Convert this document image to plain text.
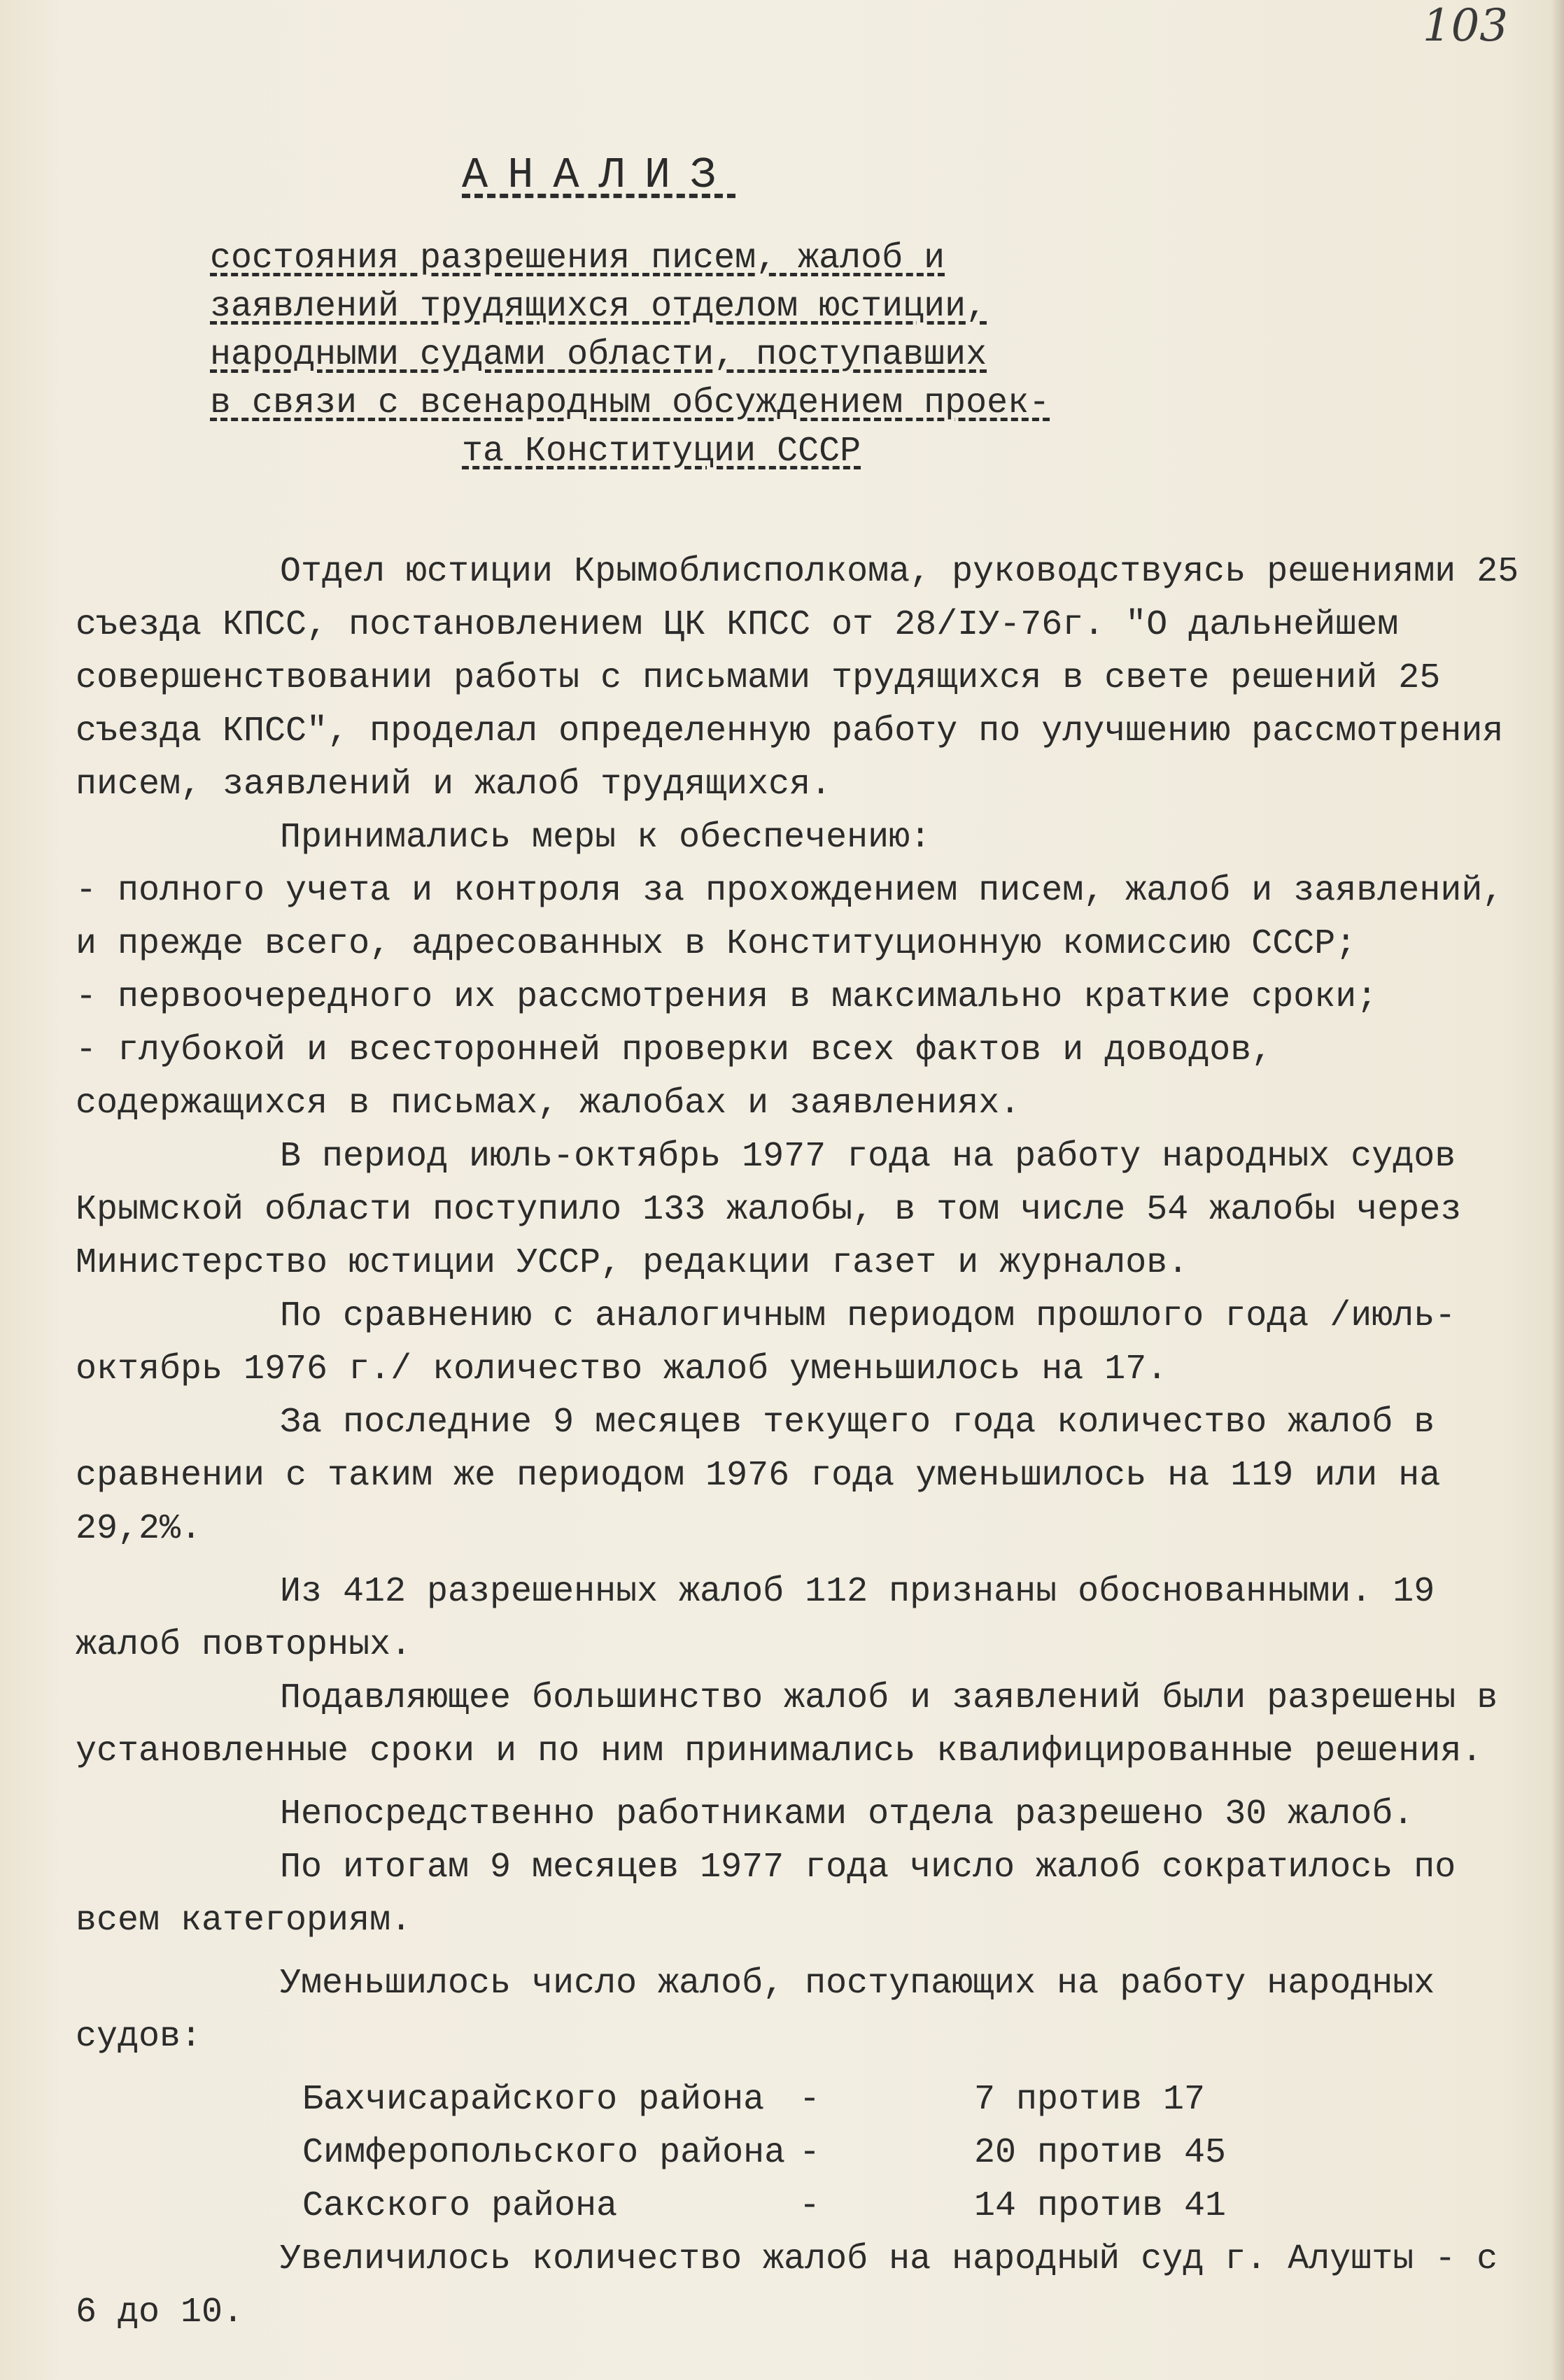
103
АНАЛИЗ
состояния разрешения писем, жалоб и
заявлений трудящихся отделом юстиции,
народными судами области, поступавших
в связи с всенародным обсуждением проек-
та Конституции СССР

Отдел юстиции Крымоблисполкома, руководствуясь решениями 25 съезда КПСС, постановлением ЦК КПСС от 28/IУ-76г. "О дальнейшем совершенствовании работы с письмами трудящихся в свете решений 25 съезда КПСС", проделал определенную работу по улучшению рассмотрения писем, заявлений и жалоб трудящихся.

Принимались меры к обеспечению:

- полного учета и контроля за прохождением писем, жалоб и заявлений, и прежде всего, адресованных в Конституционную комиссию СССР;

- первоочередного их рассмотрения в максимально краткие сроки;

- глубокой и всесторонней проверки всех фактов и доводов, содержащихся в письмах, жалобах и заявлениях.

В период июль-октябрь 1977 года на работу народных судов Крымской области поступило 133 жалобы, в том числе 54 жалобы через Министерство юстиции УССР, редакции газет и журналов.

По сравнению с аналогичным периодом прошлого года /июль-октябрь 1976 г./ количество жалоб уменьшилось на 17.

За последние 9 месяцев текущего года количество жалоб в сравнении с таким же периодом 1976 года уменьшилось на 119 или на 29,2%.

Из 412 разрешенных жалоб 112 признаны обоснованными. 19 жалоб повторных.

Подавляющее большинство жалоб и заявлений были разрешены в установленные сроки и по ним принимались квалифицированные решения.

Непосредственно работниками отдела разрешено 30 жалоб.

По итогам 9 месяцев 1977 года число жалоб сократилось по всем категориям.

Уменьшилось число жалоб, поступающих на работу народных судов:

Бахчисарайского района -	7 против 17
Симферопольского района -	20 против 45
Сакского района	-	14 против 41

Увеличилось количество жалоб на народный суд г. Алушты - с 6 до 10.
